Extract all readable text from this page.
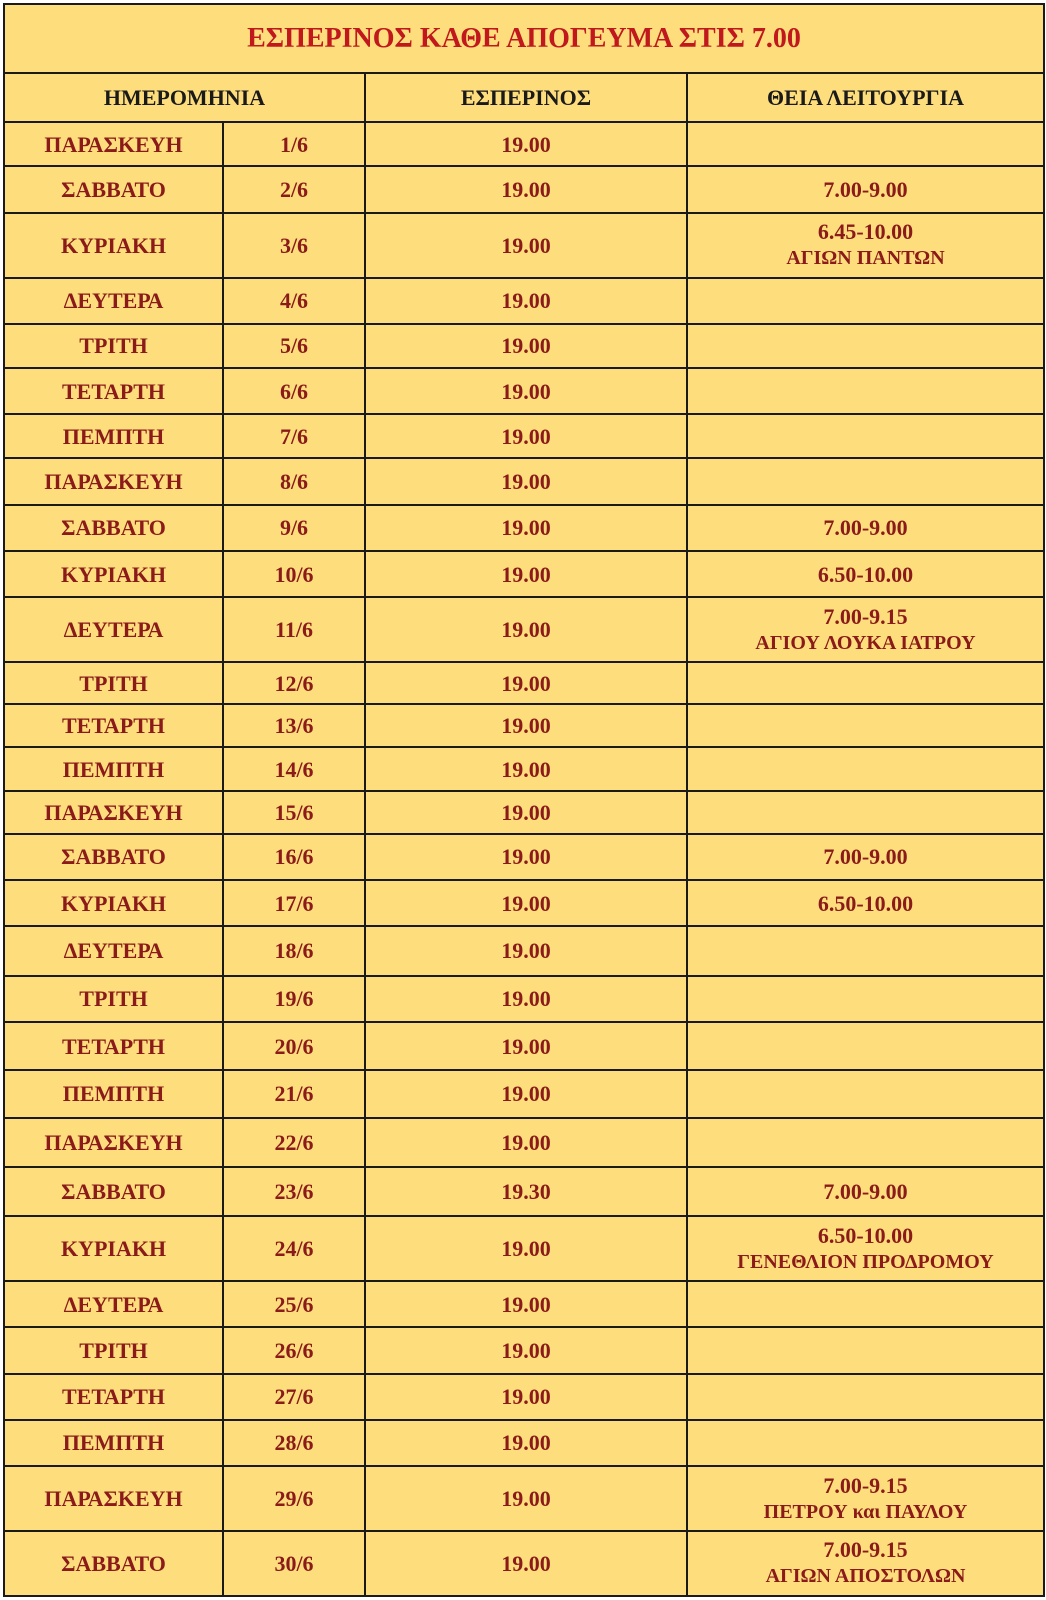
ΕΣΠΕΡΙΝΟΣ ΚΑΘΕ ΑΠΟΓΕΥΜΑ ΣΤΙΣ 7.00			
ΗΜΕΡΟΜΗΝΙΑ		ΕΣΠΕΡΙΝΟΣ	ΘΕΙΑ ΛΕΙΤΟΥΡΓΙΑ
ΠΑΡΑΣΚΕΥΗ	1/6	19.00	

ΣΑΒΒΑΤΟ	2/6	19.00	7.00-9.00

ΚΥΡΙΑΚΗ	3/6	19.00	6.45-10.00
ΑΓΙΩΝ ΠΑΝΤΩΝ

ΔΕΥΤΕΡΑ	4/6	19.00	

ΤΡΙΤΗ	5/6	19.00	

ΤΕΤΑΡΤΗ	6/6	19.00	

ΠΕΜΠΤΗ	7/6	19.00	

ΠΑΡΑΣΚΕΥΗ	8/6	19.00	

ΣΑΒΒΑΤΟ	9/6	19.00	7.00-9.00

ΚΥΡΙΑΚΗ	10/6	19.00	6.50-10.00

ΔΕΥΤΕΡΑ	11/6	19.00	7.00-9.15
ΑΓΙΟΥ ΛΟΥΚΑ ΙΑΤΡΟΥ

ΤΡΙΤΗ	12/6	19.00	

ΤΕΤΑΡΤΗ	13/6	19.00	

ΠΕΜΠΤΗ	14/6	19.00	

ΠΑΡΑΣΚΕΥΗ	15/6	19.00	

ΣΑΒΒΑΤΟ	16/6	19.00	7.00-9.00

ΚΥΡΙΑΚΗ	17/6	19.00	6.50-10.00

ΔΕΥΤΕΡΑ	18/6	19.00	

ΤΡΙΤΗ	19/6	19.00	

ΤΕΤΑΡΤΗ	20/6	19.00	

ΠΕΜΠΤΗ	21/6	19.00	

ΠΑΡΑΣΚΕΥΗ	22/6	19.00	

ΣΑΒΒΑΤΟ	23/6	19.30	7.00-9.00

ΚΥΡΙΑΚΗ	24/6	19.00	6.50-10.00
ΓΕΝΕΘΛΙΟΝ ΠΡΟΔΡΟΜΟΥ

ΔΕΥΤΕΡΑ	25/6	19.00	

ΤΡΙΤΗ	26/6	19.00	

ΤΕΤΑΡΤΗ	27/6	19.00	

ΠΕΜΠΤΗ	28/6	19.00	

ΠΑΡΑΣΚΕΥΗ	29/6	19.00	7.00-9.15
ΠΕΤΡΟΥ και ΠΑΥΛΟΥ

ΣΑΒΒΑΤΟ	30/6	19.00	7.00-9.15
ΑΓΙΩΝ ΑΠΟΣΤΟΛΩΝ
